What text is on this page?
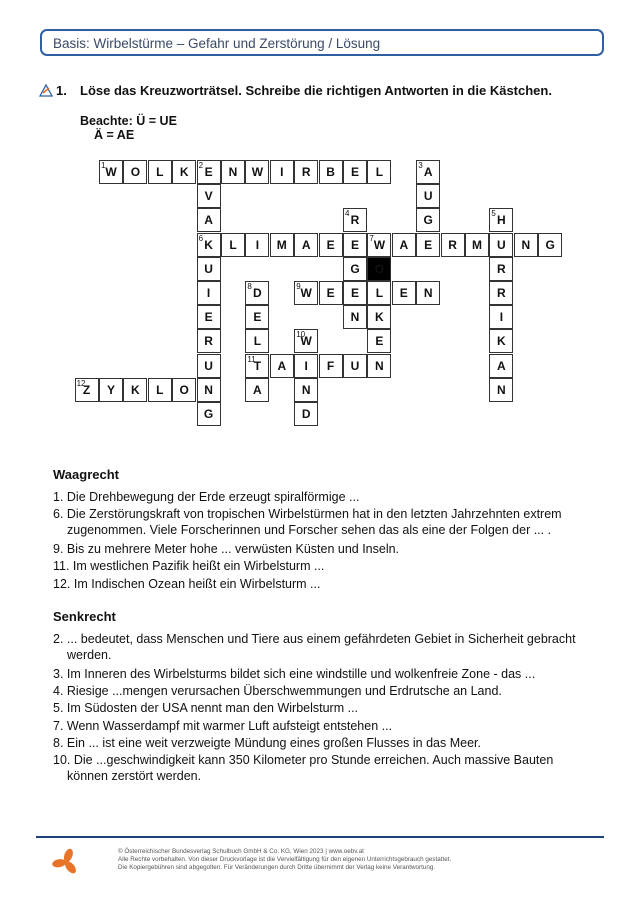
Basis: Wirbelstürme – Gefahr und Zerstörung / Lösung
1. Löse das Kreuzworträtsel. Schreibe die richtigen Antworten in die Kästchen.
Beachte: Ü = UE
Ä = AE
1 W O L K 2 E N W I R B E L
6 K L I M A E E 7 W A E R M U N G
9 W E E L E N
11
T A I F U N
12
Z Y K L O N
V
A
U
I
E
R
U
G
3 A
U
G
4 R
G
N
5 H
R
R
I
K
A
N
O
K
E
8 D
E
L
A
10
W
N
D
Waagrecht
1. Die Drehbewegung der Erde erzeugt spiralförmige ...
6. Die Zerstörungskraft von tropischen Wirbelstürmen hat in den letzten Jahrzehnten extrem
zugenommen. Viele Forscherinnen und Forscher sehen das als eine der Folgen der ... .
9. Bis zu mehrere Meter hohe ... verwüsten Küsten und Inseln.
11. Im westlichen Pazifik heißt ein Wirbelsturm ...
12. Im Indischen Ozean heißt ein Wirbelsturm ...
Senkrecht
2. ... bedeutet, dass Menschen und Tiere aus einem gefährdeten Gebiet in Sicherheit gebracht
werden.
3. Im Inneren des Wirbelsturms bildet sich eine windstille und wolkenfreie Zone - das ...
4. Riesige ...mengen verursachen Überschwemmungen und Erdrutsche an Land.
5. Im Südosten der USA nennt man den Wirbelsturm ...
7. Wenn Wasserdampf mit warmer Luft aufsteigt entstehen ...
8. Ein ... ist eine weit verzweigte Mündung eines großen Flusses in das Meer.
10. Die ...geschwindigkeit kann 350 Kilometer pro Stunde erreichen. Auch massive Bauten
können zerstört werden.
© Österreichischer Bundesverlag Schulbuch GmbH & Co. KG, Wien 2023 | www.oebv.at
Alle Rechte vorbehalten. Von dieser Druckvorlage ist die Vervielfältigung für den eigenen Unterrichtsgebrauch gestattet.
Die Kopiergebühren sind abgegolten. Für Veränderungen durch Dritte übernimmt der Verlag keine Verantwortung.
